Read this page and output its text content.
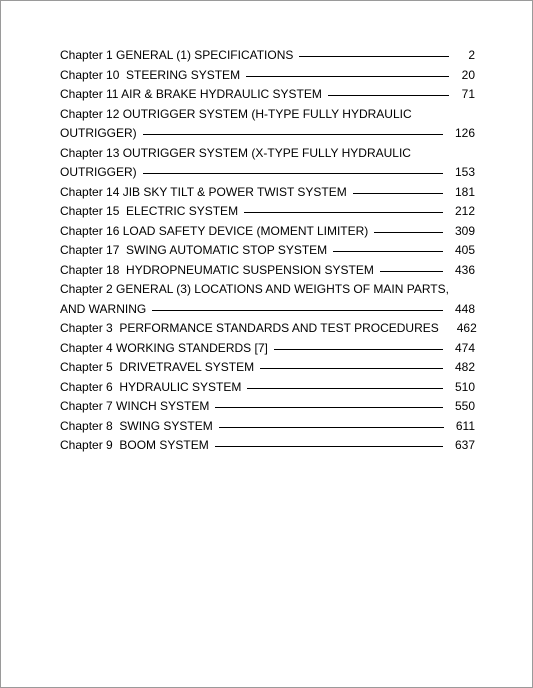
Chapter 1 GENERAL (1) SPECIFICATIONS	2
Chapter 10  STEERING SYSTEM	20
Chapter 11 AIR & BRAKE HYDRAULIC SYSTEM	71
Chapter 12 OUTRIGGER SYSTEM (H-TYPE FULLY HYDRAULIC
OUTRIGGER)	126
Chapter 13 OUTRIGGER SYSTEM (X-TYPE FULLY HYDRAULIC
OUTRIGGER)	153
Chapter 14 JIB SKY TILT & POWER TWIST SYSTEM	181
Chapter 15  ELECTRIC SYSTEM	212
Chapter 16 LOAD SAFETY DEVICE (MOMENT LIMITER)	309
Chapter 17  SWING AUTOMATIC STOP SYSTEM	405
Chapter 18  HYDROPNEUMATIC SUSPENSION SYSTEM	436
Chapter 2 GENERAL (3) LOCATIONS AND WEIGHTS OF MAIN PARTS,
AND WARNING	448
Chapter 3  PERFORMANCE STANDARDS AND TEST PROCEDURES 462
Chapter 4 WORKING STANDERDS [7]	474
Chapter 5  DRIVETRAVEL SYSTEM	482
Chapter 6  HYDRAULIC SYSTEM	510
Chapter 7 WINCH SYSTEM	550
Chapter 8  SWING SYSTEM	611
Chapter 9  BOOM SYSTEM	637
